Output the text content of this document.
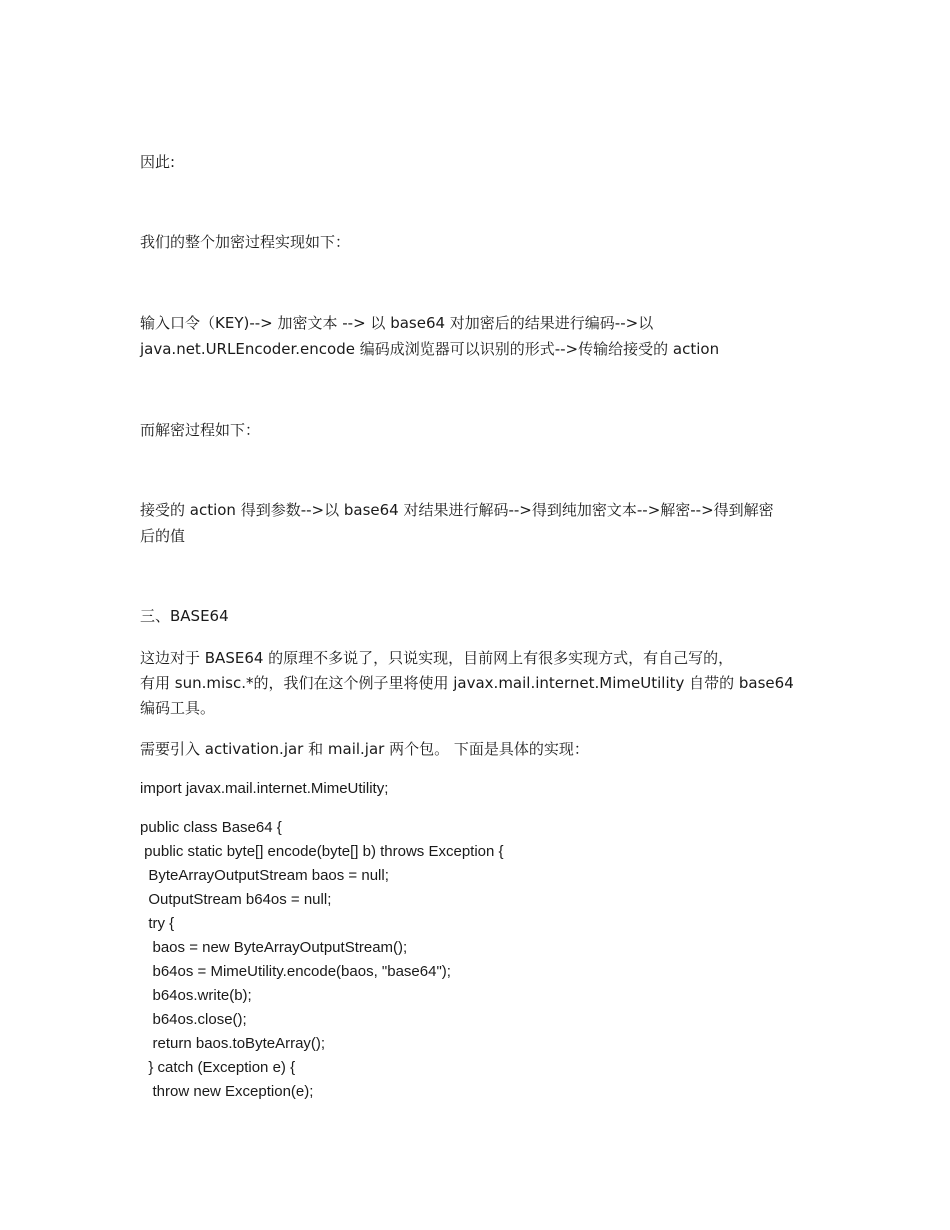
因此:
我们的整个加密过程实现如下：
输入口令（KEY)--> 加密文本 --> 以 base64 对加密后的结果进行编码-->以
java.net.URLEncoder.encode 编码成浏览器可以识别的形式-->传输给接受的 action
而解密过程如下：
接受的 action 得到参数-->以 base64 对结果进行解码-->得到纯加密文本-->解密-->得到解密
后的值
三、BASE64
这边对于 BASE64 的原理不多说了，只说实现，目前网上有很多实现方式，有自己写的，
有用 sun.misc.*的，我们在这个例子里将使用 javax.mail.internet.MimeUtility 自带的 base64
编码工具。
需要引入 activation.jar 和 mail.jar 两个包。 下面是具体的实现：
import javax.mail.internet.MimeUtility;
public class Base64 {
public static byte[] encode(byte[] b) throws Exception {
ByteArrayOutputStream baos = null;
OutputStream b64os = null;
try {
baos = new ByteArrayOutputStream();
b64os = MimeUtility.encode(baos, "base64");
b64os.write(b);
b64os.close();
return baos.toByteArray();
} catch (Exception e) {
throw new Exception(e);
